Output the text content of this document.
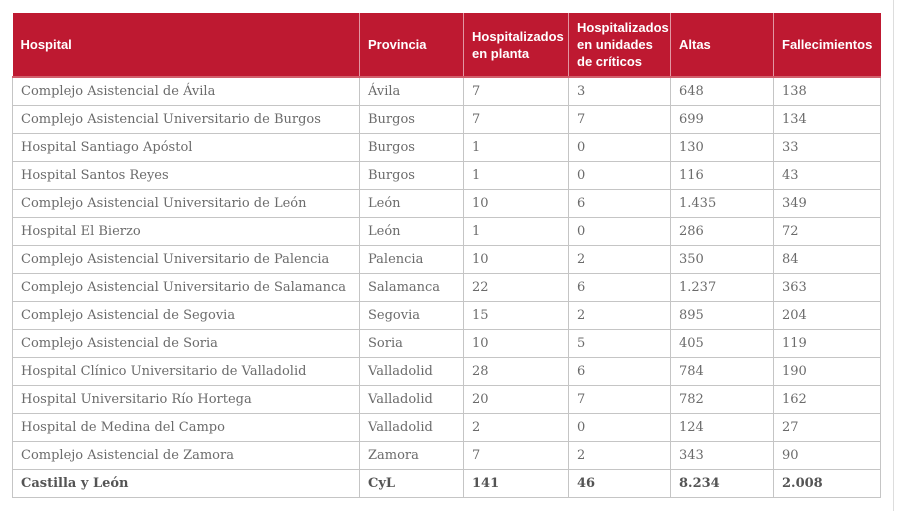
Hospital	Provincia	Hospitalizados en planta	Hospitalizados en unidades de críticos	Altas	Fallecimientos
Complejo Asistencial de Ávila	Ávila	7	3	648	138
Complejo Asistencial Universitario de Burgos	Burgos	7	7	699	134
Hospital Santiago Apóstol	Burgos	1	0	130	33
Hospital Santos Reyes	Burgos	1	0	116	43
Complejo Asistencial Universitario de León	León	10	6	1.435	349
Hospital El Bierzo	León	1	0	286	72
Complejo Asistencial Universitario de Palencia	Palencia	10	2	350	84
Complejo Asistencial Universitario de Salamanca	Salamanca	22	6	1.237	363
Complejo Asistencial de Segovia	Segovia	15	2	895	204
Complejo Asistencial de Soria	Soria	10	5	405	119
Hospital Clínico Universitario de Valladolid	Valladolid	28	6	784	190
Hospital Universitario Río Hortega	Valladolid	20	7	782	162
Hospital de Medina del Campo	Valladolid	2	0	124	27
Complejo Asistencial de Zamora	Zamora	7	2	343	90
Castilla y León	CyL	141	46	8.234	2.008
